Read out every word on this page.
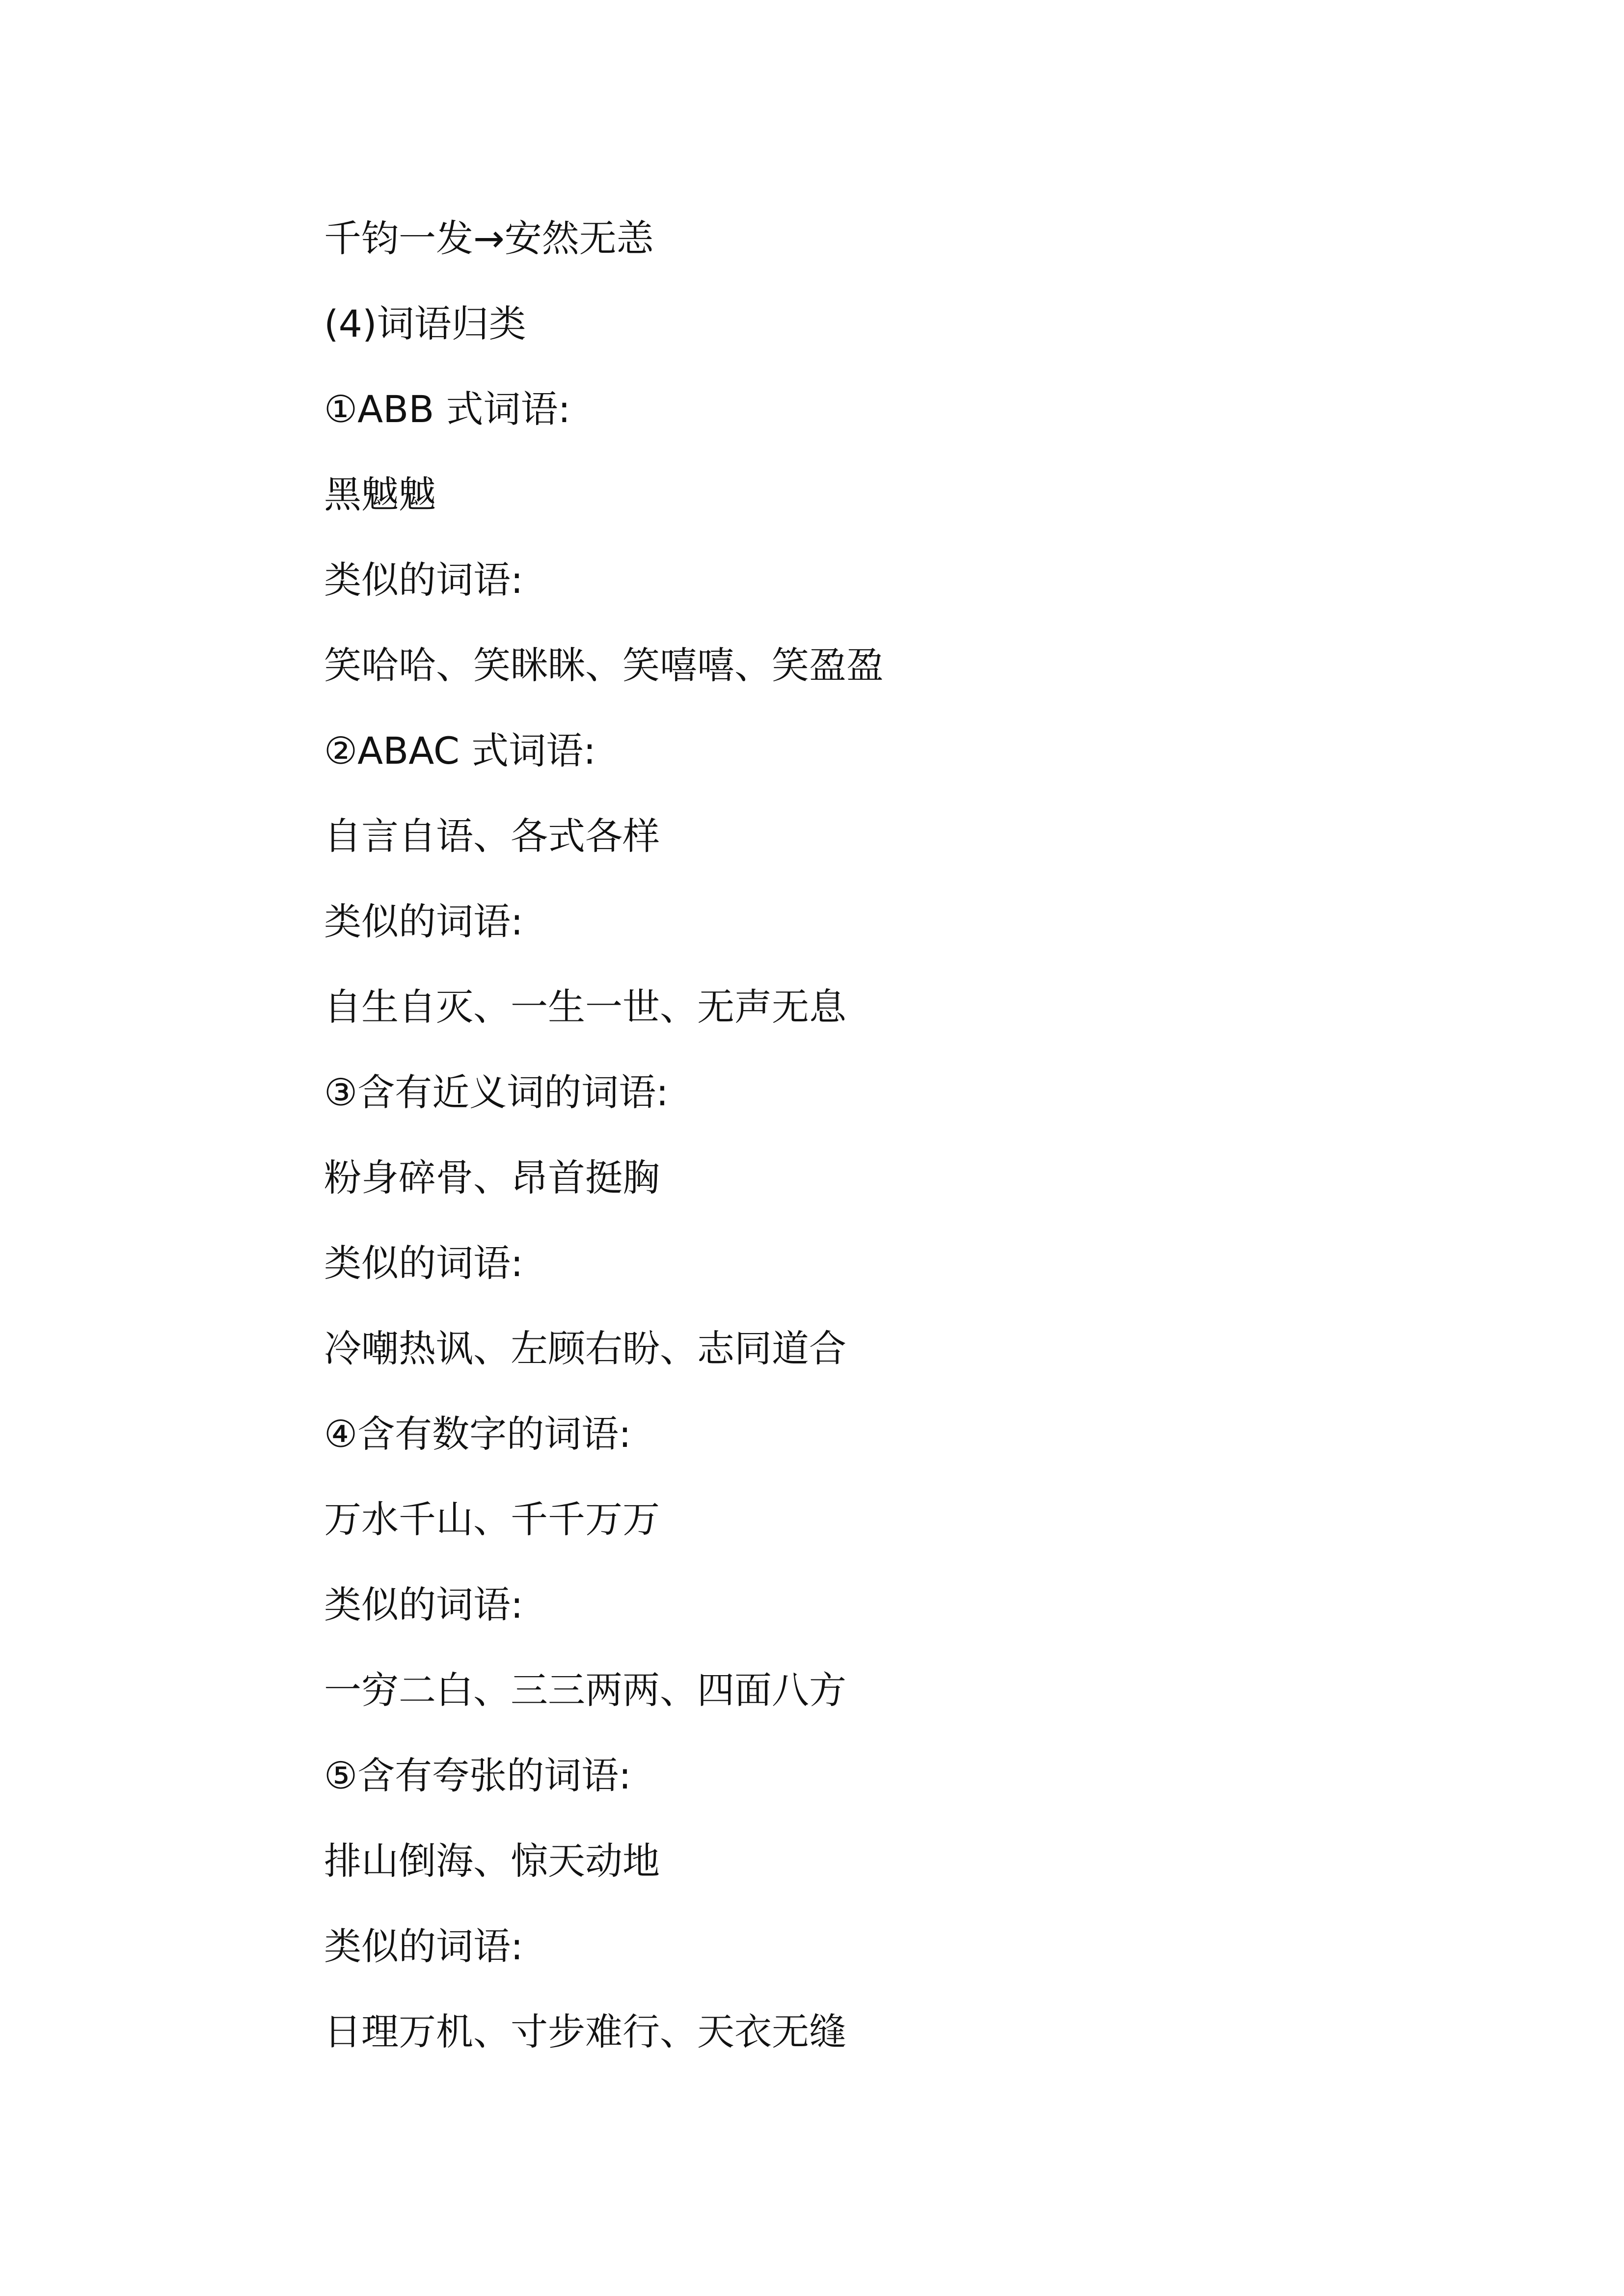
千钧一发→安然无恙
(4)词语归类
①ABB 式词语:
黑魆魆
类似的词语:
笑哈哈、笑眯眯、笑嘻嘻、笑盈盈
②ABAC 式词语:
自言自语、各式各样
类似的词语:
自生自灭、一生一世、无声无息
③含有近义词的词语:
粉身碎骨、昂首挺胸
类似的词语:
冷嘲热讽、左顾右盼、志同道合
④含有数字的词语:
万水千山、千千万万
类似的词语:
一穷二白、三三两两、四面八方
⑤含有夸张的词语:
排山倒海、惊天动地
类似的词语:
日理万机、寸步难行、天衣无缝
